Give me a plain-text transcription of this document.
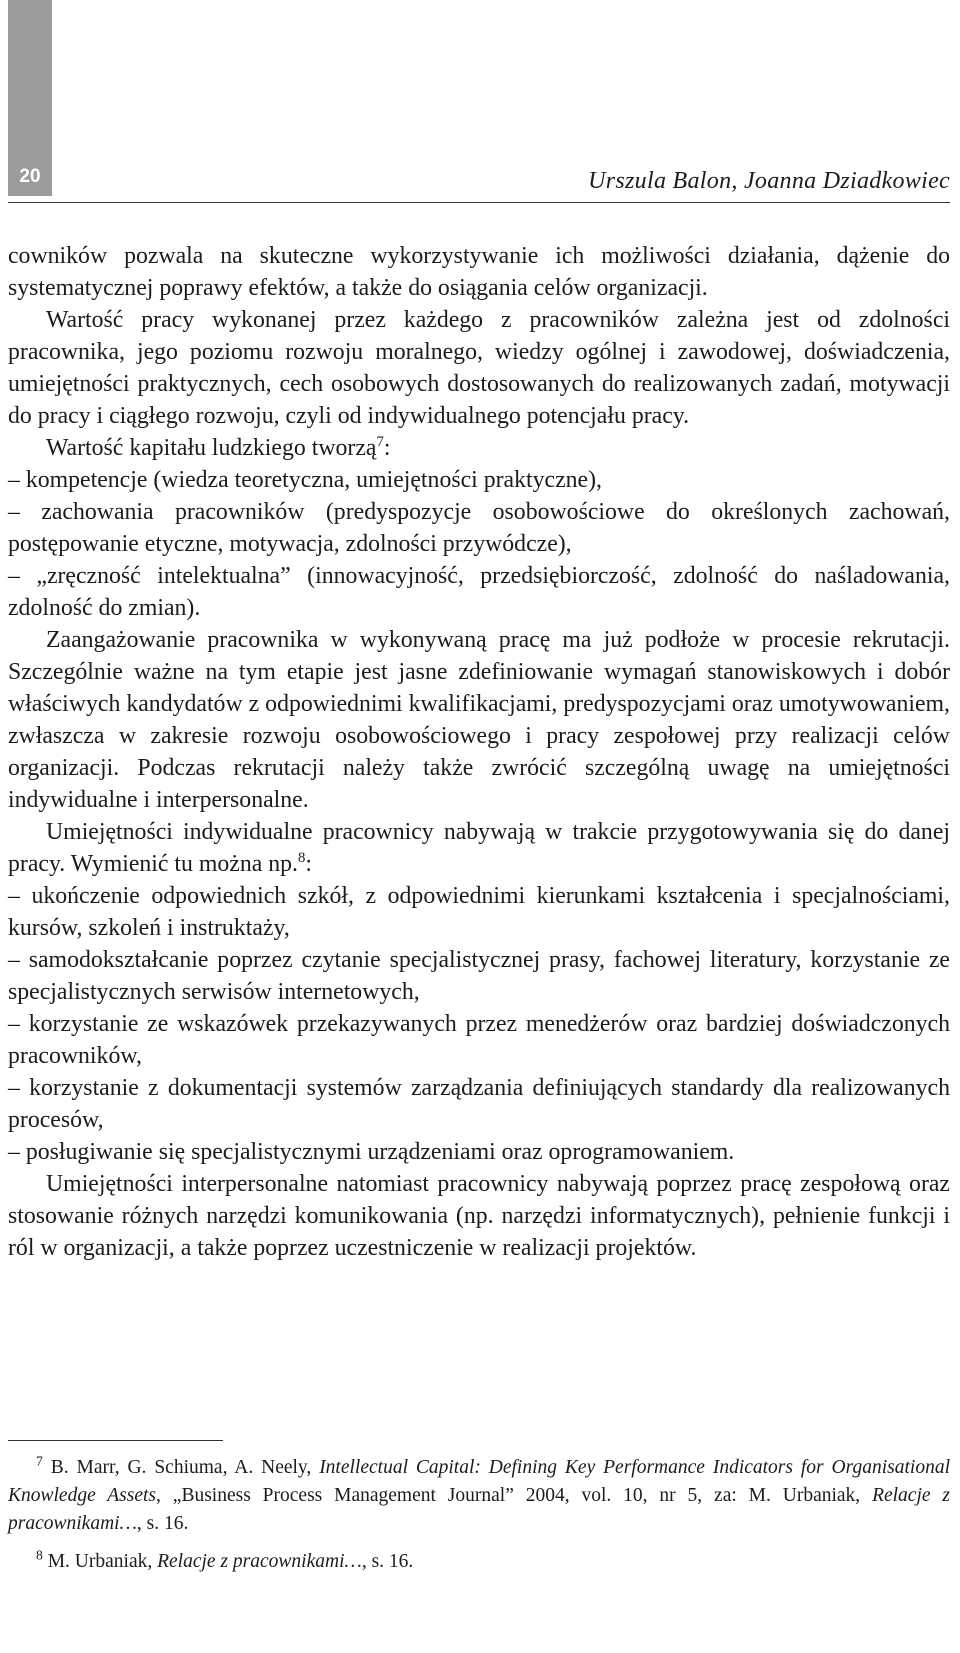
20	Urszula Balon, Joanna Dziadkowiec

cowników pozwala na skuteczne wykorzystywanie ich możliwości działania, dążenie do systematycznej poprawy efektów, a także do osiągania celów organizacji.

Wartość pracy wykonanej przez każdego z pracowników zależna jest od zdolności pracownika, jego poziomu rozwoju moralnego, wiedzy ogólnej i zawodowej, doświadczenia, umiejętności praktycznych, cech osobowych dostosowanych do realizowanych zadań, motywacji do pracy i ciągłego rozwoju, czyli od indywidualnego potencjału pracy.

Wartość kapitału ludzkiego tworzą$^7$:

– kompetencje (wiedza teoretyczna, umiejętności praktyczne),

– zachowania pracowników (predyspozycje osobowościowe do określonych zachowań, postępowanie etyczne, motywacja, zdolności przywódcze),

– „zręczność intelektualna” (innowacyjność, przedsiębiorczość, zdolność do naśladowania, zdolność do zmian).

Zaangażowanie pracownika w wykonywaną pracę ma już podłoże w procesie rekrutacji. Szczególnie ważne na tym etapie jest jasne zdefiniowanie wymagań stanowiskowych i dobór właściwych kandydatów z odpowiednimi kwalifikacjami, predyspozycjami oraz umotywowaniem, zwłaszcza w zakresie rozwoju osobowościowego i pracy zespołowej przy realizacji celów organizacji. Podczas rekrutacji należy także zwrócić szczególną uwagę na umiejętności indywidualne i interpersonalne.

Umiejętności indywidualne pracownicy nabywają w trakcie przygotowywania się do danej pracy. Wymienić tu można np.$^8$:

– ukończenie odpowiednich szkół, z odpowiednimi kierunkami kształcenia i specjalnościami, kursów, szkoleń i instruktaży,

– samodokształcanie poprzez czytanie specjalistycznej prasy, fachowej literatury, korzystanie ze specjalistycznych serwisów internetowych,

– korzystanie ze wskazówek przekazywanych przez menedżerów oraz bardziej doświadczonych pracowników,

– korzystanie z dokumentacji systemów zarządzania definiujących standardy dla realizowanych procesów,

– posługiwanie się specjalistycznymi urządzeniami oraz oprogramowaniem.

Umiejętności interpersonalne natomiast pracownicy nabywają poprzez pracę zespołową oraz stosowanie różnych narzędzi komunikowania (np. narzędzi informatycznych), pełnienie funkcji i ról w organizacji, a także poprzez uczestniczenie w realizacji projektów.

$^7$ B. Marr, G. Schiuma, A. Neely, Intellectual Capital: Defining Key Performance Indicators for Organisational Knowledge Assets, „Business Process Management Journal” 2004, vol. 10, nr 5, za: M. Urbaniak, Relacje z pracownikami…, s. 16.

$^8$ M. Urbaniak, Relacje z pracownikami…, s. 16.
